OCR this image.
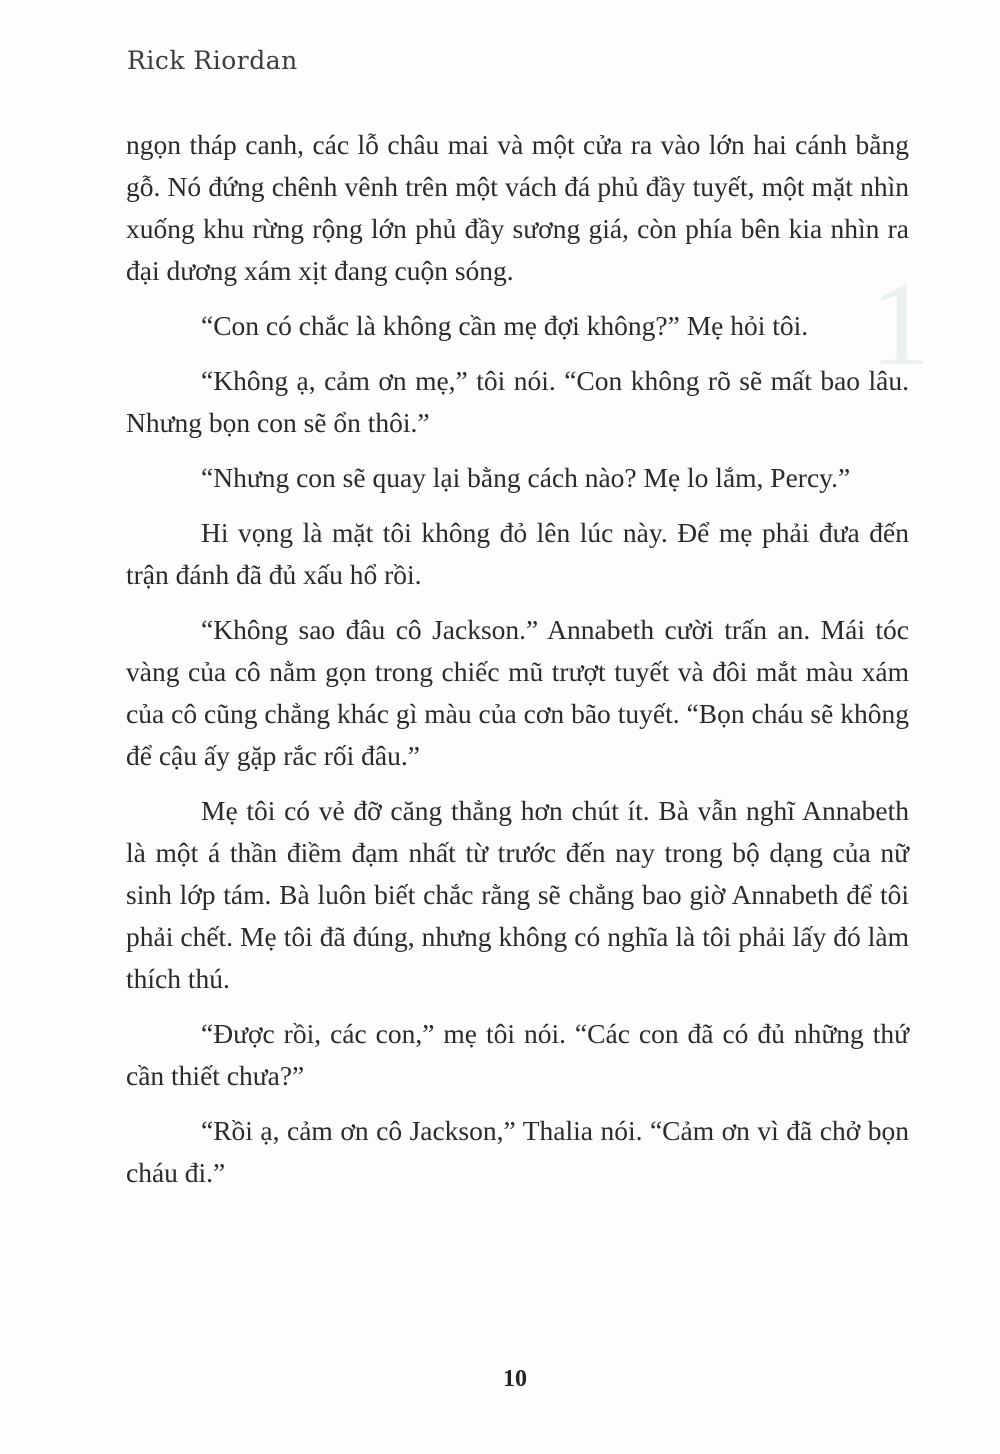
1
Rick Riordan

ngọn tháp canh, các lỗ châu mai và một cửa ra vào lớn hai cánh bằng gỗ. Nó đứng chênh vênh trên một vách đá phủ đầy tuyết, một mặt nhìn xuống khu rừng rộng lớn phủ đầy sương giá, còn phía bên kia nhìn ra đại dương xám xịt đang cuộn sóng.

“Con có chắc là không cần mẹ đợi không?” Mẹ hỏi tôi.

“Không ạ, cảm ơn mẹ,” tôi nói. “Con không rõ sẽ mất bao lâu. Nhưng bọn con sẽ ổn thôi.”

“Nhưng con sẽ quay lại bằng cách nào? Mẹ lo lắm, Percy.”

Hi vọng là mặt tôi không đỏ lên lúc này. Để mẹ phải đưa đến trận đánh đã đủ xấu hổ rồi.

“Không sao đâu cô Jackson.” Annabeth cười trấn an. Mái tóc vàng của cô nằm gọn trong chiếc mũ trượt tuyết và đôi mắt màu xám của cô cũng chẳng khác gì màu của cơn bão tuyết. “Bọn cháu sẽ không để cậu ấy gặp rắc rối đâu.”

Mẹ tôi có vẻ đỡ căng thẳng hơn chút ít. Bà vẫn nghĩ Annabeth là một á thần điềm đạm nhất từ trước đến nay trong bộ dạng của nữ sinh lớp tám. Bà luôn biết chắc rằng sẽ chẳng bao giờ Annabeth để tôi phải chết. Mẹ tôi đã đúng, nhưng không có nghĩa là tôi phải lấy đó làm thích thú.

“Được rồi, các con,” mẹ tôi nói. “Các con đã có đủ những thứ cần thiết chưa?”

“Rồi ạ, cảm ơn cô Jackson,” Thalia nói. “Cảm ơn vì đã chở bọn cháu đi.”

10
